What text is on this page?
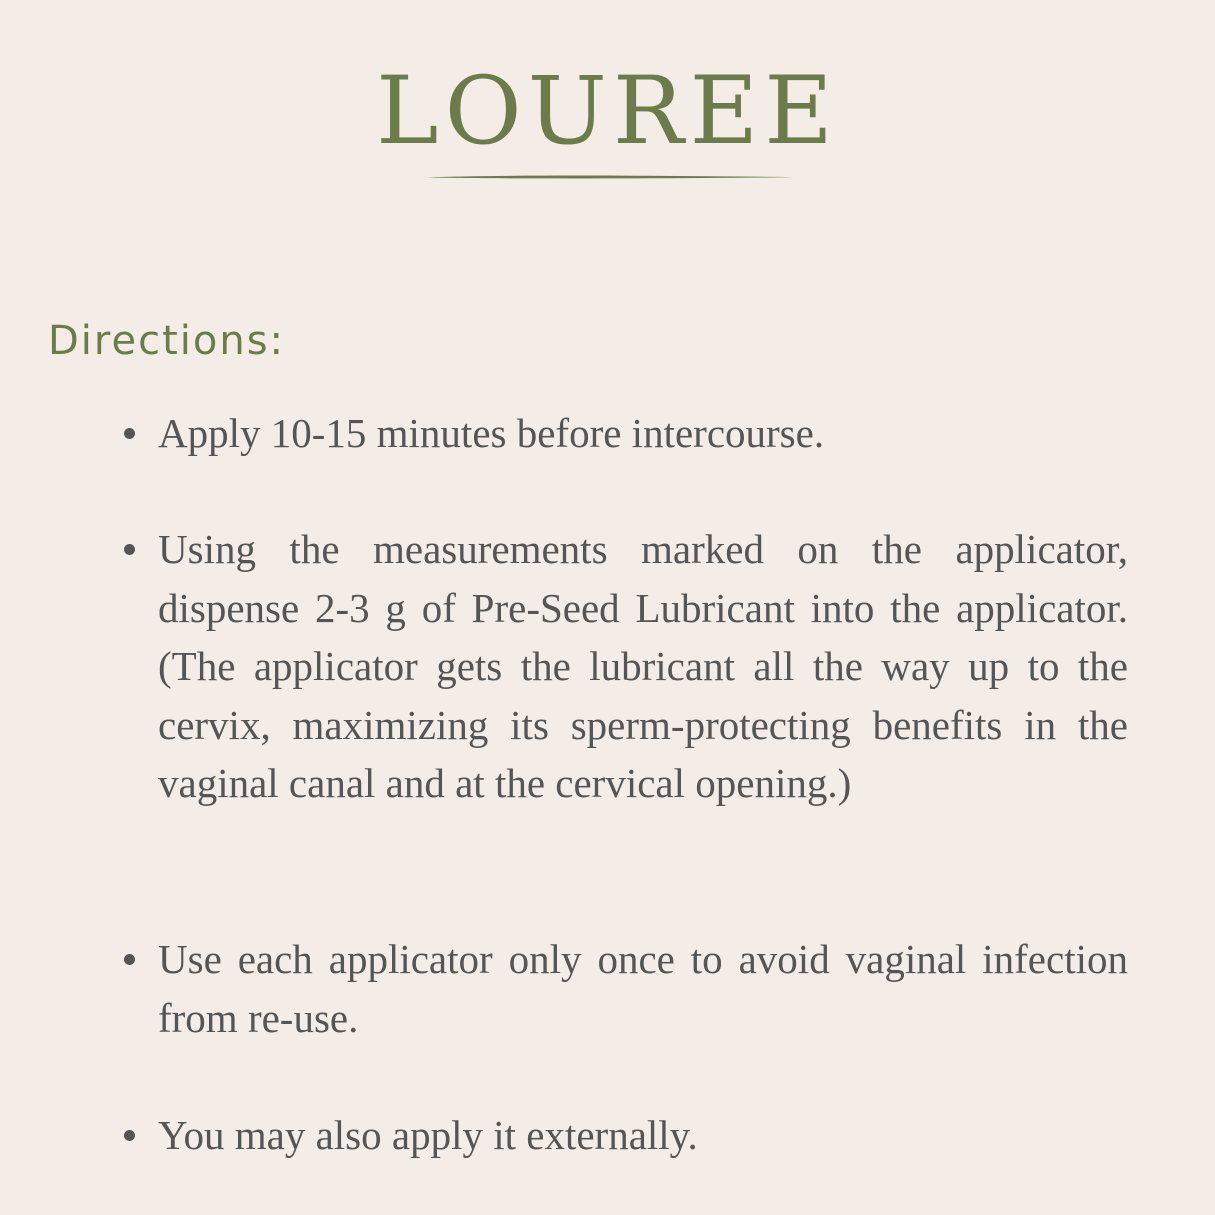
LOUREE
Directions:
Apply 10-15 minutes before intercourse.
Using the measurements marked on the applicator, dispense 2-3 g of Pre-Seed Lubricant into the applicator. (The applicator gets the lubricant all the way up to the cervix, maximizing its sperm-protecting benefits in the vaginal canal and at the cervical opening.)
Use each applicator only once to avoid vaginal infection from re-use.
You may also apply it externally.
